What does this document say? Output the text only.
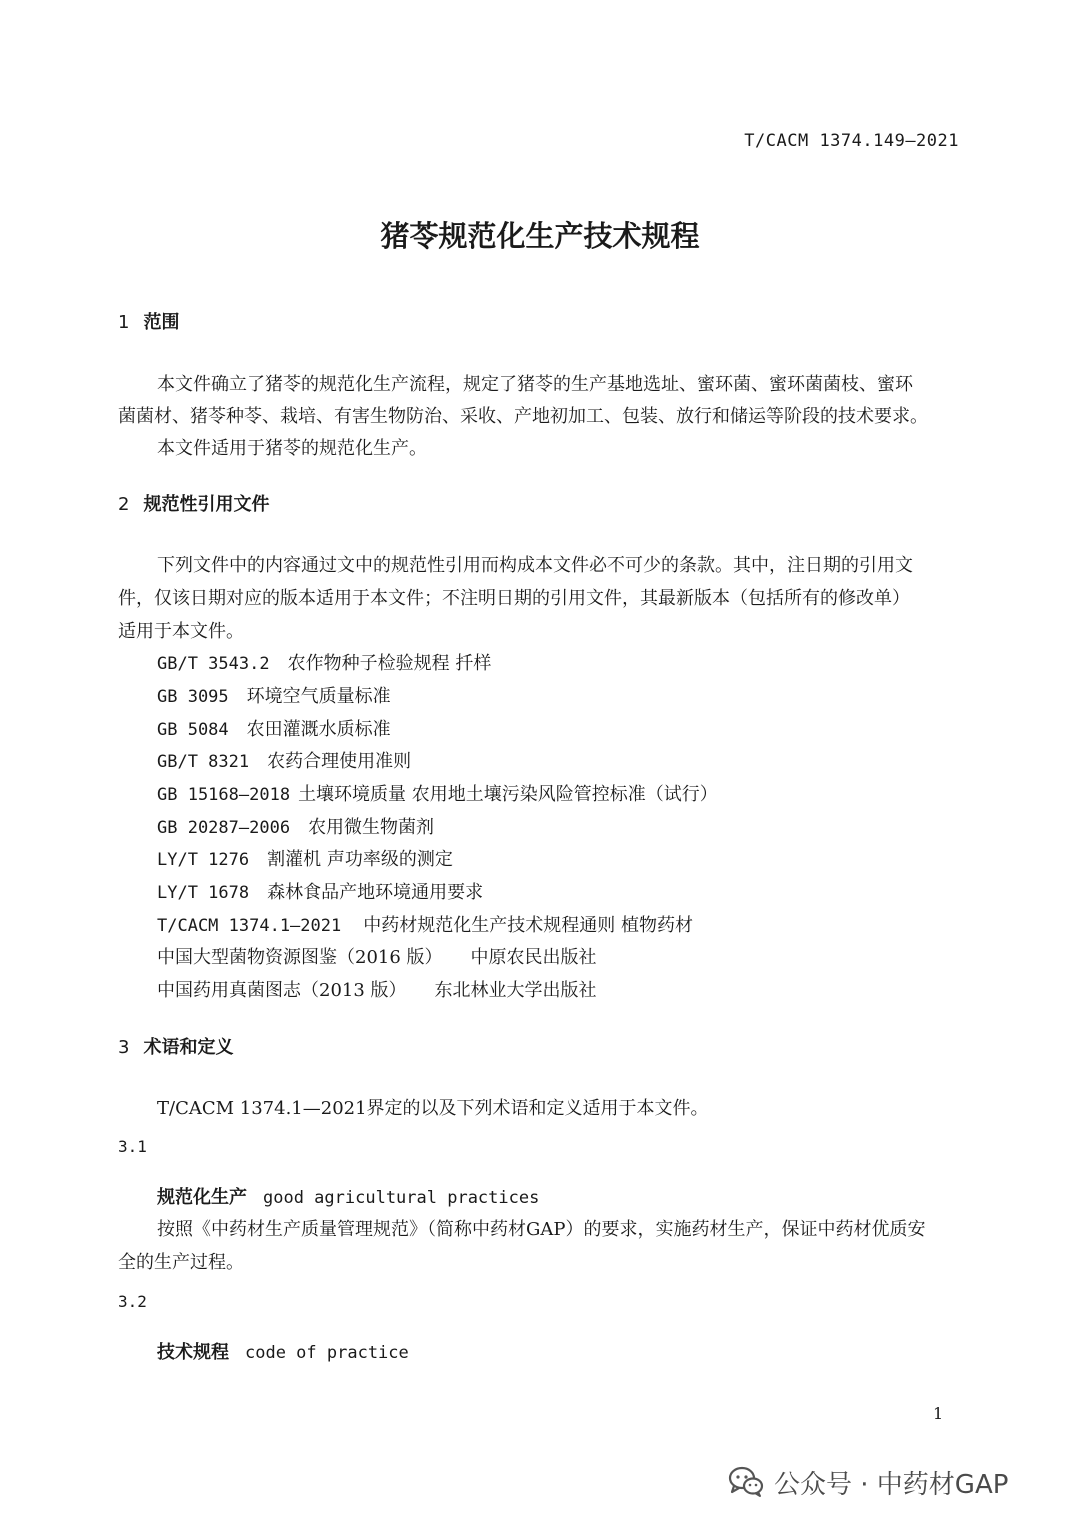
T/CACM 1374.149—2021
猪苓规范化生产技术规程
1 范围
本文件确立了猪苓的规范化生产流程，规定了猪苓的生产基地选址、蜜环菌、蜜环菌菌枝、蜜环
菌菌材、猪苓种苓、栽培、有害生物防治、采收、产地初加工、包装、放行和储运等阶段的技术要求。
本文件适用于猪苓的规范化生产。
2 规范性引用文件
下列文件中的内容通过文中的规范性引用而构成本文件必不可少的条款。其中，注日期的引用文
件，仅该日期对应的版本适用于本文件；不注明日期的引用文件，其最新版本（包括所有的修改单）
适用于本文件。
GB/T 3543.2 农作物种子检验规程 扦样
GB 3095 环境空气质量标准
GB 5084 农田灌溉水质标准
GB/T 8321 农药合理使用准则
GB 15168—2018 土壤环境质量 农用地土壤污染风险管控标准（试行）
GB 20287—2006 农用微生物菌剂
LY/T 1276 割灌机 声功率级的测定
LY/T 1678 森林食品产地环境通用要求
T/CACM 1374.1—2021 中药材规范化生产技术规程通则 植物药材
中国大型菌物资源图鉴（2016 版） 中原农民出版社
中国药用真菌图志（2013 版） 东北林业大学出版社
3 术语和定义
T/CACM 1374.1—2021界定的以及下列术语和定义适用于本文件。
3.1
规范化生产 good agricultural practices
按照《中药材生产质量管理规范》（简称中药材GAP）的要求，实施药材生产，保证中药材优质安
全的生产过程。
3.2
技术规程 code of practice
1
公众号 · 中药材GAP
